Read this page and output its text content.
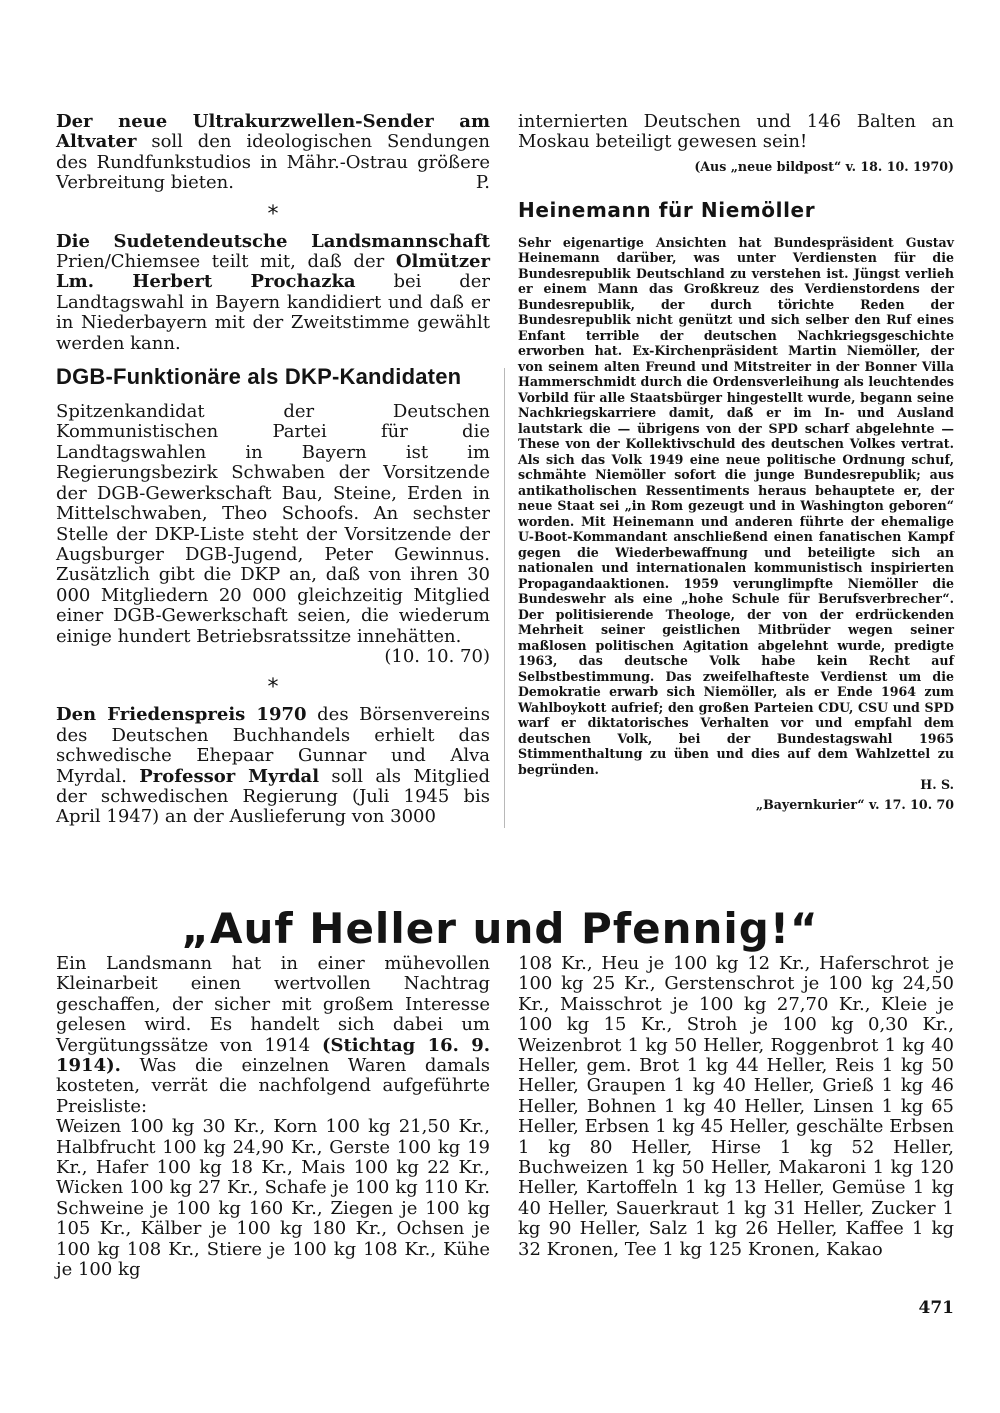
Der neue Ultrakurzwellen-Sender am Altvater soll den ideologischen Sendungen des Rundfunkstudios in Mähr.-Ostrau größere Verbreitung bieten.	P.

*

Die Sudetendeutsche Landsmannschaft Prien/Chiemsee teilt mit, daß der Olmützer Lm. Herbert Prochazka bei der Landtagswahl in Bayern kandidiert und daß er in Niederbayern mit der Zweitstimme gewählt werden kann.

DGB-Funktionäre als DKP-Kandidaten

Spitzenkandidat der Deutschen Kommunistischen Partei für die Landtagswahlen in Bayern ist im Regierungsbezirk Schwaben der Vorsitzende der DGB-Gewerkschaft Bau, Steine, Erden in Mittelschwaben, Theo Schoofs. An sechster Stelle der DKP-Liste steht der Vorsitzende der Augsburger DGB-Jugend, Peter Gewinnus. Zusätzlich gibt die DKP an, daß von ihren 30 000 Mitgliedern 20 000 gleichzeitig Mitglied einer DGB-Gewerkschaft seien, die wiederum einige hundert Betriebsratssitze innehätten.

(10. 10. 70)
*

Den Friedenspreis 1970 des Börsenvereins des Deutschen Buchhandels erhielt das schwedische Ehepaar Gunnar und Alva Myrdal. Professor Myrdal soll als Mitglied der schwedischen Regierung (Juli 1945 bis April 1947) an der Auslieferung von 3000

internierten Deutschen und 146 Balten an Moskau beteiligt gewesen sein!

(Aus „neue bildpost“ v. 18. 10. 1970)
Heinemann für Niemöller

Sehr eigenartige Ansichten hat Bundespräsident Gustav Heinemann darüber, was unter Verdiensten für die Bundesrepublik Deutschland zu verstehen ist. Jüngst verlieh er einem Mann das Großkreuz des Verdienstordens der Bundesrepublik, der durch törichte Reden der Bundesrepublik nicht genützt und sich selber den Ruf eines Enfant terrible der deutschen Nachkriegsgeschichte erworben hat. Ex-Kirchenpräsident Martin Niemöller, der von seinem alten Freund und Mitstreiter in der Bonner Villa Hammerschmidt durch die Ordensverleihung als leuchtendes Vorbild für alle Staatsbürger hingestellt wurde, begann seine Nachkriegskarriere damit, daß er im In- und Ausland lautstark die — übrigens von der SPD scharf abgelehnte — These von der Kollektivschuld des deutschen Volkes vertrat. Als sich das Volk 1949 eine neue politische Ordnung schuf, schmähte Niemöller sofort die junge Bundesrepublik; aus antikatholischen Ressentiments heraus behauptete er, der neue Staat sei „in Rom gezeugt und in Washington geboren“ worden. Mit Heinemann und anderen führte der ehemalige U-Boot-Kommandant anschließend einen fanatischen Kampf gegen die Wiederbewaffnung und beteiligte sich an nationalen und internationalen kommunistisch inspirierten Propagandaaktionen. 1959 verunglimpfte Niemöller die Bundeswehr als eine „hohe Schule für Berufsverbrecher“. Der politisierende Theologe, der von der erdrückenden Mehrheit seiner geistlichen Mitbrüder wegen seiner maßlosen politischen Agitation abgelehnt wurde, predigte 1963, das deutsche Volk habe kein Recht auf Selbstbestimmung. Das zweifelhafteste Verdienst um die Demokratie erwarb sich Niemöller, als er Ende 1964 zum Wahlboykott aufrief; den großen Parteien CDU, CSU und SPD warf er diktatorisches Verhalten vor und empfahl dem deutschen Volk, bei der Bundestagswahl 1965 Stimmenthaltung zu üben und dies auf dem Wahlzettel zu begründen.

H. S.
„Bayernkurier“ v. 17. 10. 70
„Auf Heller und Pfennig!“

Ein Landsmann hat in einer mühevollen Kleinarbeit einen wertvollen Nachtrag geschaffen, der sicher mit großem Interesse gelesen wird. Es handelt sich dabei um Vergütungssätze von 1914 (Stichtag 16. 9. 1914). Was die einzelnen Waren damals kosteten, verrät die nachfolgend aufgeführte Preisliste:

Weizen 100 kg 30 Kr., Korn 100 kg 21,50 Kr., Halbfrucht 100 kg 24,90 Kr., Gerste 100 kg 19 Kr., Hafer 100 kg 18 Kr., Mais 100 kg 22 Kr., Wicken 100 kg 27 Kr., Schafe je 100 kg 110 Kr. Schweine je 100 kg 160 Kr., Ziegen je 100 kg 105 Kr., Kälber je 100 kg 180 Kr., Ochsen je 100 kg 108 Kr., Stiere je 100 kg 108 Kr., Kühe je 100 kg

108 Kr., Heu je 100 kg 12 Kr., Haferschrot je 100 kg 25 Kr., Gerstenschrot je 100 kg 24,50 Kr., Maisschrot je 100 kg 27,70 Kr., Kleie je 100 kg 15 Kr., Stroh je 100 kg 0,30 Kr., Weizenbrot 1 kg 50 Heller, Roggenbrot 1 kg 40 Heller, gem. Brot 1 kg 44 Heller, Reis 1 kg 50 Heller, Graupen 1 kg 40 Heller, Grieß 1 kg 46 Heller, Bohnen 1 kg 40 Heller, Linsen 1 kg 65 Heller, Erbsen 1 kg 45 Heller, geschälte Erbsen 1 kg 80 Heller, Hirse 1 kg 52 Heller, Buchweizen 1 kg 50 Heller, Makaroni 1 kg 120 Heller, Kartoffeln 1 kg 13 Heller, Gemüse 1 kg 40 Heller, Sauerkraut 1 kg 31 Heller, Zucker 1 kg 90 Heller, Salz 1 kg 26 Heller, Kaffee 1 kg 32 Kronen, Tee 1 kg 125 Kronen, Kakao

471
